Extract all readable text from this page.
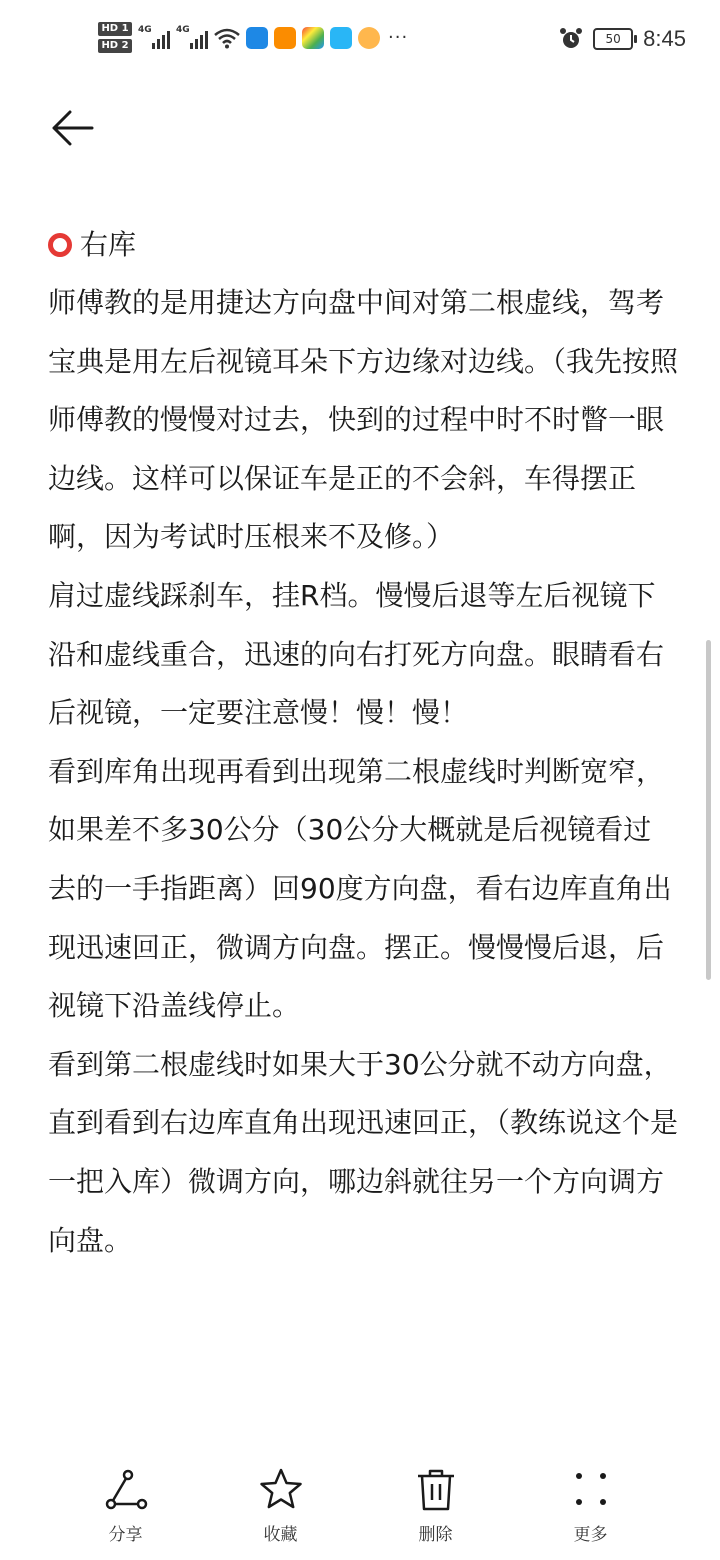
HD 1
HD 2
4G	4G	···	50	8:45
右库

师傅教的是用捷达方向盘中间对第二根虚线，驾考宝典是用左后视镜耳朵下方边缘对边线。（我先按照师傅教的慢慢对过去，快到的过程中时不时瞥一眼边线。这样可以保证车是正的不会斜，车得摆正啊，因为考试时压根来不及修。）

肩过虚线踩刹车，挂R档。慢慢后退等左后视镜下沿和虚线重合，迅速的向右打死方向盘。眼睛看右后视镜，一定要注意慢！慢！慢！

看到库角出现再看到出现第二根虚线时判断宽窄，如果差不多30公分（30公分大概就是后视镜看过去的一手指距离）回90度方向盘，看右边库直角出现迅速回正，微调方向盘。摆正。慢慢慢后退，后视镜下沿盖线停止。

看到第二根虚线时如果大于30公分就不动方向盘，直到看到右边库直角出现迅速回正，（教练说这个是一把入库）微调方向，哪边斜就往另一个方向调方向盘。

分享	收藏	删除	更多
